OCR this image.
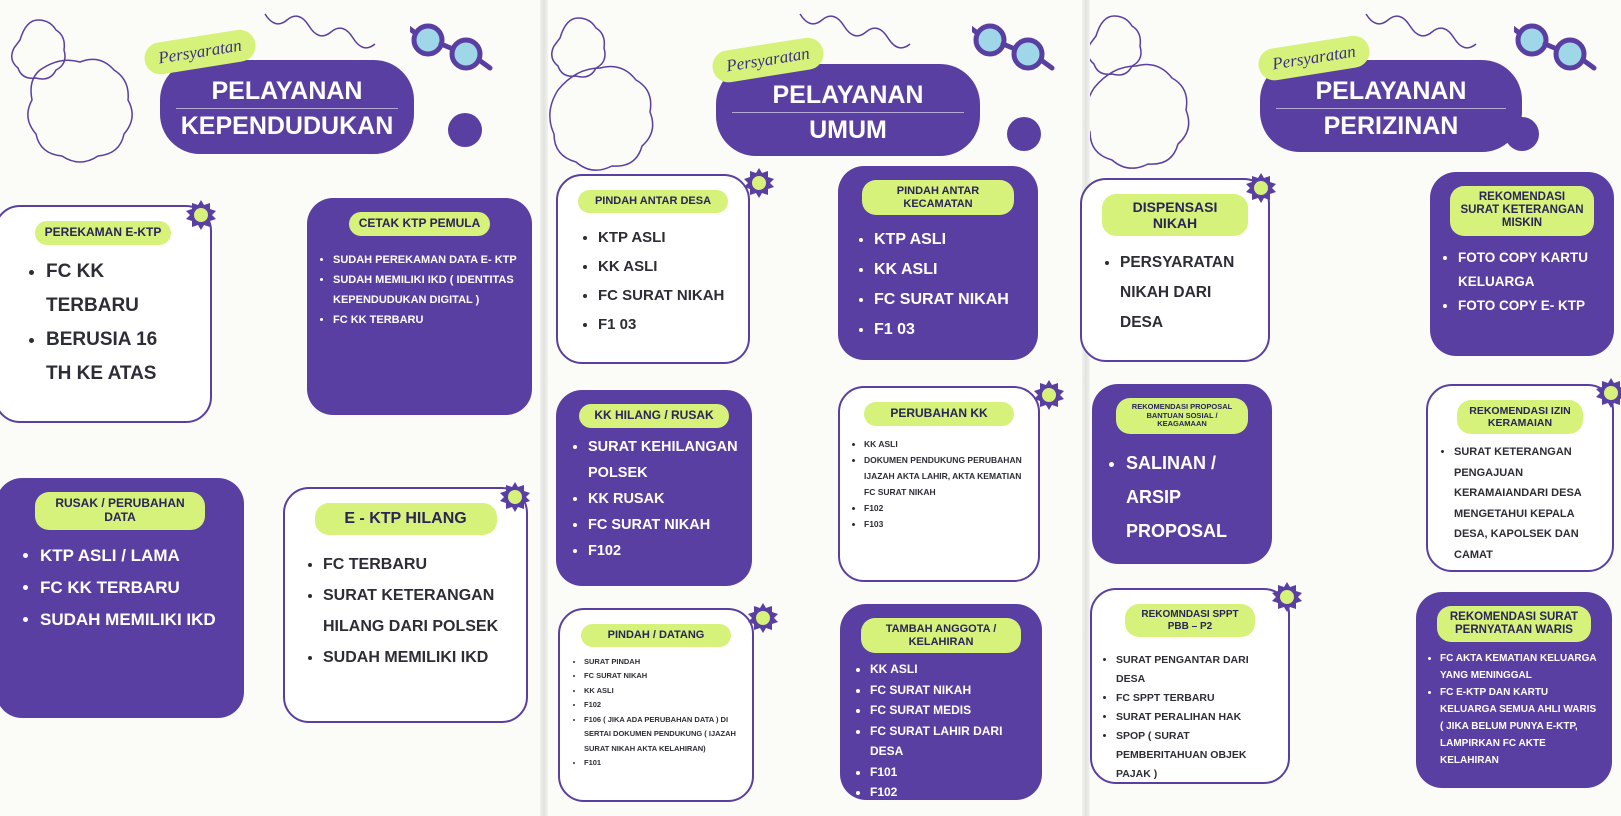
Persyaratan
PELAYANAN
KEPENDUDUKAN
PEREKAMAN E-KTP
• FC KK TERBARU
• BERUSIA 16 TH KE ATAS
CETAK KTP PEMULA
• SUDAH PEREKAMAN DATA E- KTP
• SUDAH MEMILIKI IKD ( IDENTITAS KEPENDUDUKAN DIGITAL )
• FC KK TERBARU
RUSAK / PERUBAHAN DATA
• KTP ASLI / LAMA
• FC KK TERBARU
• SUDAH MEMILIKI IKD
E - KTP HILANG
• FC TERBARU
• SURAT KETERANGAN HILANG DARI POLSEK
• SUDAH MEMILIKI IKD
Persyaratan
PELAYANAN
UMUM
PINDAH ANTAR DESA
• KTP ASLI
• KK ASLI
• FC SURAT NIKAH
• F1 03
PINDAH ANTAR KECAMATAN
• KTP ASLI
• KK ASLI
• FC SURAT NIKAH
• F1 03
KK HILANG / RUSAK
• SURAT KEHILANGAN POLSEK
• KK RUSAK
• FC SURAT NIKAH
• F102
PERUBAHAN KK
• KK ASLI
• DOKUMEN PENDUKUNG PERUBAHAN IJAZAH AKTA LAHIR, AKTA KEMATIAN FC SURAT NIKAH
• F102
• F103
PINDAH / DATANG
• SURAT PINDAH
• FC SURAT NIKAH
• KK ASLI
• F102
• F106 ( JIKA ADA PERUBAHAN DATA ) DI SERTAI DOKUMEN PENDUKUNG ( IJAZAH SURAT NIKAH AKTA KELAHIRAN)
• F101
TAMBAH ANGGOTA / KELAHIRAN
• KK ASLI
• FC SURAT NIKAH
• FC SURAT MEDIS
• FC SURAT LAHIR DARI DESA
• F101
• F102
Persyaratan
PELAYANAN
PERIZINAN
DISPENSASI NIKAH
• PERSYARATAN NIKAH DARI DESA
REKOMENDASI SURAT KETERANGAN MISKIN
• FOTO COPY KARTU KELUARGA
• FOTO COPY E- KTP
REKOMENDASI PROPOSAL BANTUAN SOSIAL / KEAGAMAAN
• SALINAN / ARSIP PROPOSAL
REKOMENDASI IZIN KERAMAIAN
• SURAT KETERANGAN PENGAJUAN KERAMAIANDARI DESA MENGETAHUI KEPALA DESA, KAPOLSEK DAN CAMAT
REKOMNDASI SPPT PBB – P2
• SURAT PENGANTAR DARI DESA
• FC SPPT TERBARU
• SURAT PERALIHAN HAK
• SPOP ( SURAT PEMBERITAHUAN OBJEK PAJAK )
REKOMENDASI SURAT PERNYATAAN WARIS
• FC AKTA KEMATIAN KELUARGA YANG MENINGGAL
• FC E-KTP DAN KARTU KELUARGA SEMUA AHLI WARIS ( JIKA BELUM PUNYA E-KTP, LAMPIRKAN FC AKTE KELAHIRAN
